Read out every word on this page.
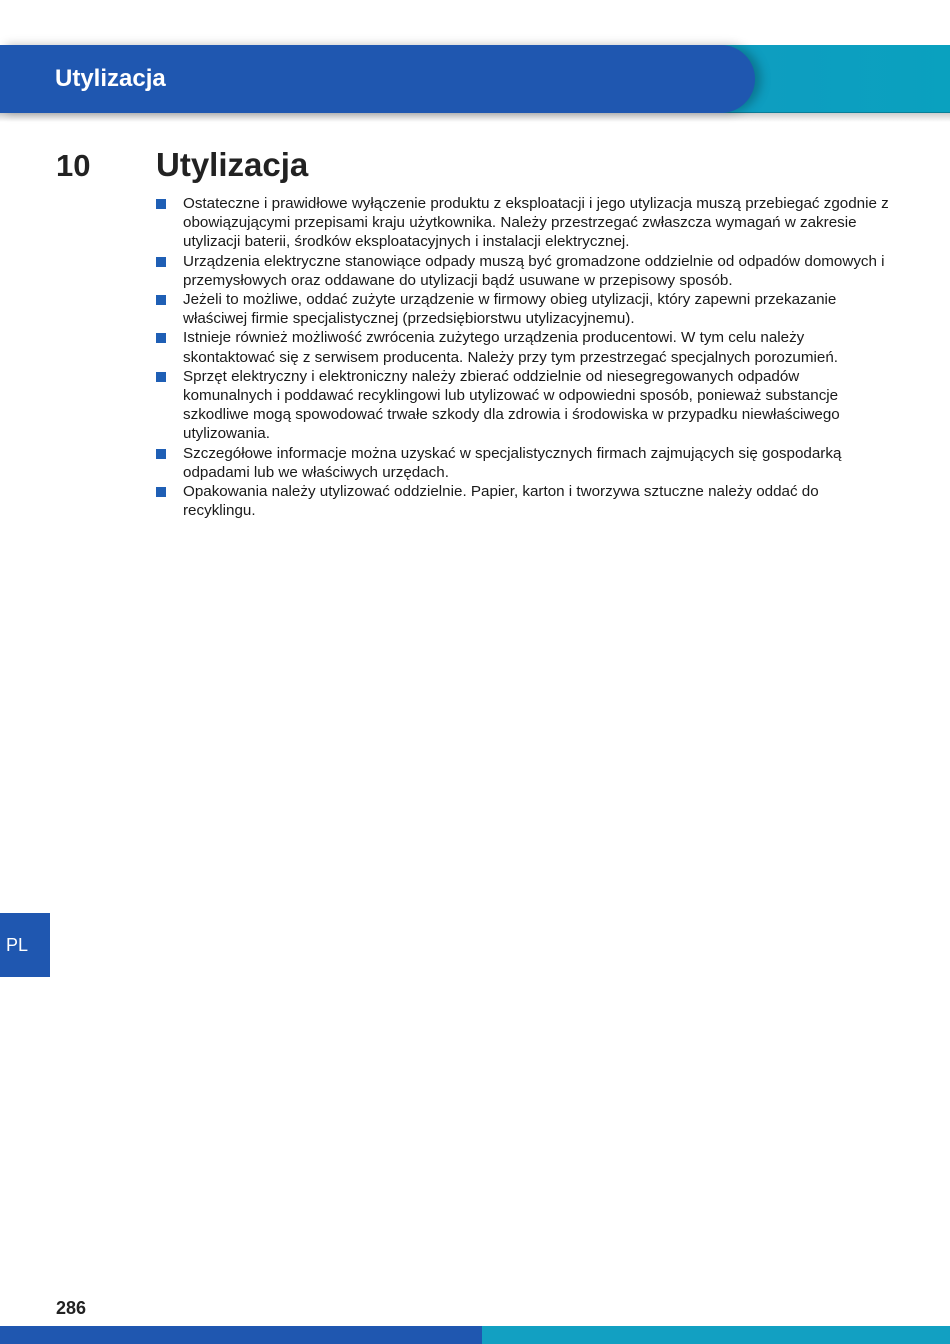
Utylizacja
10 Utylizacja
Ostateczne i prawidłowe wyłączenie produktu z eksploatacji i jego utylizacja muszą przebiegać zgodnie z obowiązującymi przepisami kraju użytkownika. Należy przestrzegać zwłaszcza wymagań w zakresie utylizacji baterii, środków eksploatacyjnych i instalacji elektrycznej.
Urządzenia elektryczne stanowiące odpady muszą być gromadzone oddzielnie od odpadów domowych i przemysłowych oraz oddawane do utylizacji bądź usuwane w przepisowy sposób.
Jeżeli to możliwe, oddać zużyte urządzenie w firmowy obieg utylizacji, który zapewni przekazanie właściwej firmie specjalistycznej (przedsiębiorstwu utylizacyjnemu).
Istnieje również możliwość zwrócenia zużytego urządzenia producentowi. W tym celu należy skontaktować się z serwisem producenta. Należy przy tym przestrzegać specjalnych porozumień.
Sprzęt elektryczny i elektroniczny należy zbierać oddzielnie od niesegregowanych odpadów komunalnych i poddawać recyklingowi lub utylizować w odpowiedni sposób, ponieważ substancje szkodliwe mogą spowodować trwałe szkody dla zdrowia i środowiska w przypadku niewłaściwego utylizowania.
Szczegółowe informacje można uzyskać w specjalistycznych firmach zajmujących się gospodarką odpadami lub we właściwych urzędach.
Opakowania należy utylizować oddzielnie. Papier, karton i tworzywa sztuczne należy oddać do recyklingu.
PL
286
